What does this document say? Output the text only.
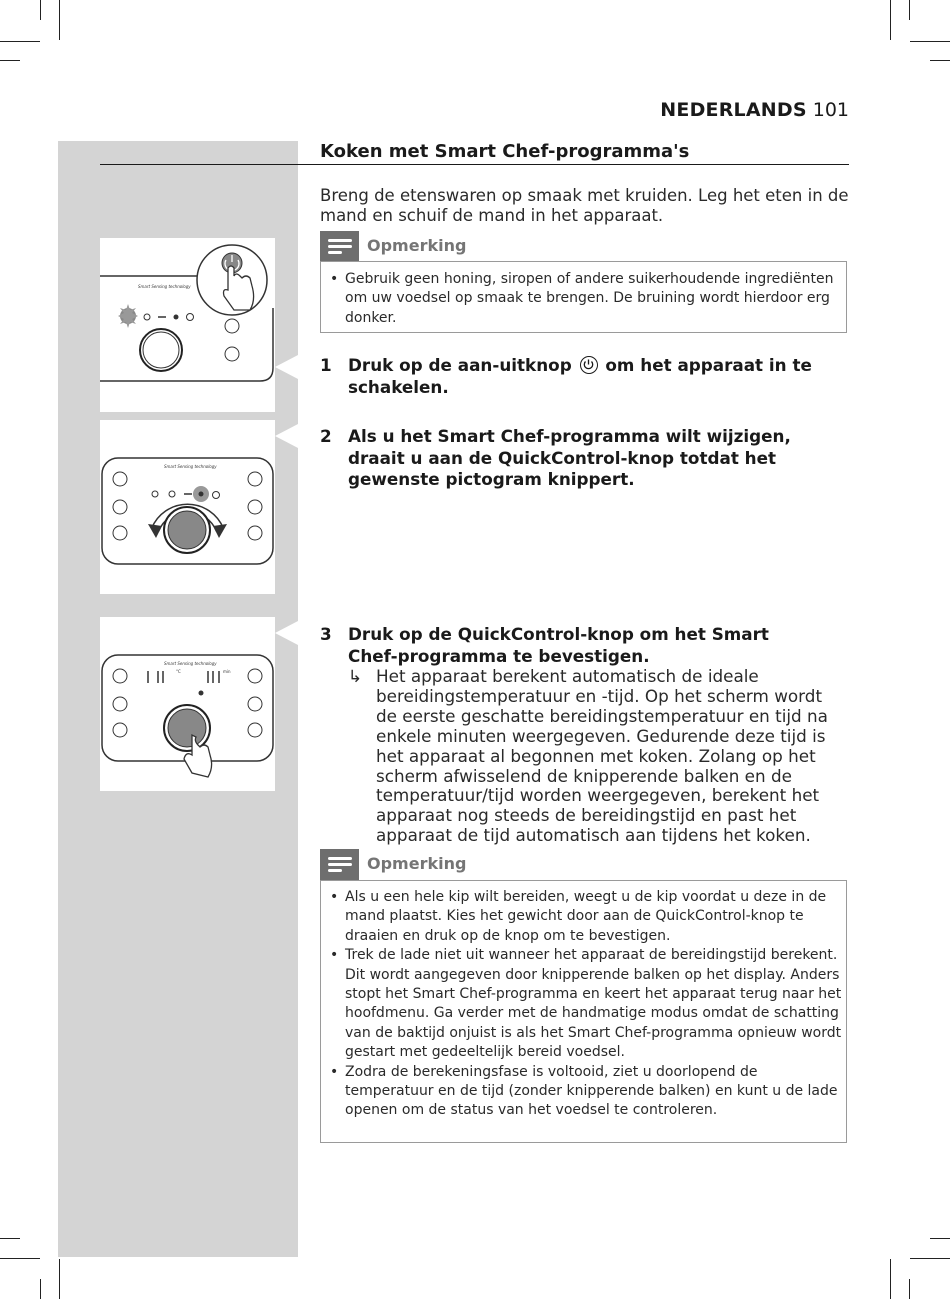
NEDERLANDS 101
Smart Sensing technology
Smart Sensing technology
Smart Sensing technology
°C	min
Koken met Smart Chef-programma's
Breng de etenswaren op smaak met kruiden. Leg het eten in de mand en schuif de mand in het apparaat.
Opmerking
• Gebruik geen honing, siropen of andere suikerhoudende ingrediënten om uw voedsel op smaak te brengen. De bruining wordt hierdoor erg donker.
1 Druk op de aan-uitknop om het apparaat in te schakelen.
2 Als u het Smart Chef-programma wilt wijzigen, draait u aan de QuickControl-knop totdat het gewenste pictogram knippert.
3 Druk op de QuickControl-knop om het Smart Chef-programma te bevestigen.
↳ Het apparaat berekent automatisch de ideale bereidingstemperatuur en -tijd. Op het scherm wordt de eerste geschatte bereidingstemperatuur en tijd na enkele minuten weergegeven. Gedurende deze tijd is het apparaat al begonnen met koken. Zolang op het scherm afwisselend de knipperende balken en de temperatuur/tijd worden weergegeven, berekent het apparaat nog steeds de bereidingstijd en past het apparaat de tijd automatisch aan tijdens het koken.
Opmerking
• Als u een hele kip wilt bereiden, weegt u de kip voordat u deze in de mand plaatst. Kies het gewicht door aan de QuickControl-knop te draaien en druk op de knop om te bevestigen.
• Trek de lade niet uit wanneer het apparaat de bereidingstijd berekent. Dit wordt aangegeven door knipperende balken op het display. Anders stopt het Smart Chef-programma en keert het apparaat terug naar het hoofdmenu. Ga verder met de handmatige modus omdat de schatting van de baktijd onjuist is als het Smart Chef-programma opnieuw wordt gestart met gedeeltelijk bereid voedsel.
• Zodra de berekeningsfase is voltooid, ziet u doorlopend de temperatuur en de tijd (zonder knipperende balken) en kunt u de lade openen om de status van het voedsel te controleren.
